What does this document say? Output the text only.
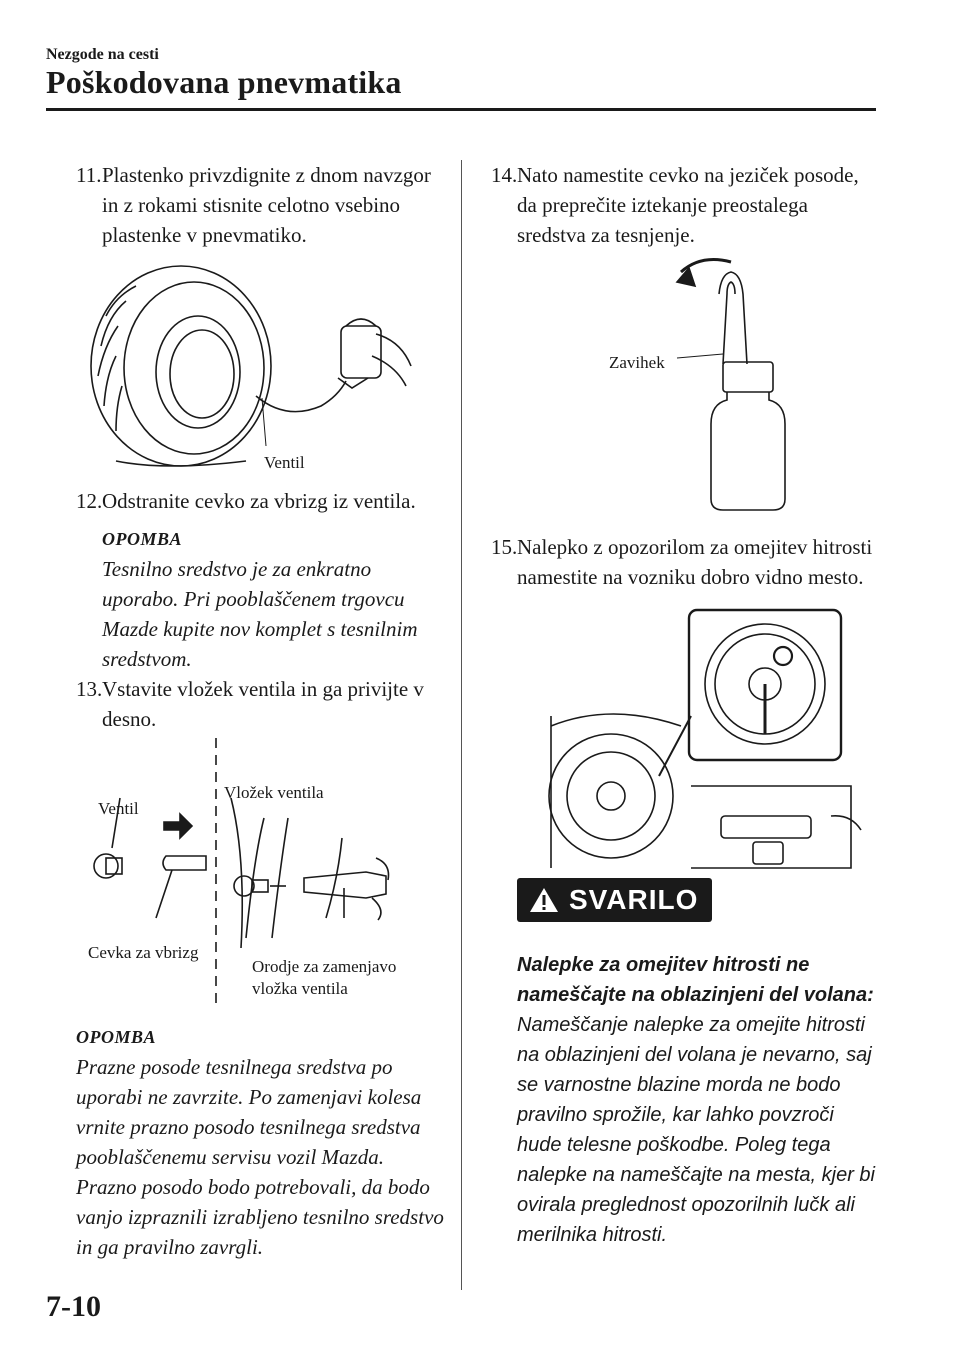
Nezgode na cesti
Poškodovana pnevmatika

11.Plastenko privzdignite z dnom navzgor in z rokami stisnite celotno vsebino plastenke v pnevmatiko.

Ventil

12.Odstranite cevko za vbrizg iz ventila.

OPOMBA

Tesnilno sredstvo je za enkratno uporabo. Pri pooblaščenem trgovcu Mazde kupite nov komplet s tesnilnim sredstvom.

13.Vstavite vložek ventila in ga privijte v desno.

Ventil
Vložek ventila
Cevka za vbrizg
Orodje za zamenjavo
vložka ventila

OPOMBA

Prazne posode tesnilnega sredstva po uporabi ne zavrzite. Po zamenjavi kolesa vrnite prazno posodo tesnilnega sredstva pooblaščenemu servisu vozil Mazda. Prazno posodo bodo potrebovali, da bodo vanjo izpraznili izrabljeno tesnilno sredstvo in ga pravilno zavrgli.

14.Nato namestite cevko na jeziček posode, da preprečite iztekanje preostalega sredstva za tesnjenje.

Zavihek

15.Nalepko z opozorilom za omejitev hitrosti namestite na vozniku dobro vidno mesto.

SVARILO

Nalepke za omejitev hitrosti ne nameščajte na oblazinjeni del volana:

Nameščanje nalepke za omejite hitrosti na oblazinjeni del volana je nevarno, saj se varnostne blazine morda ne bodo pravilno sprožile, kar lahko povzroči hude telesne poškodbe. Poleg tega nalepke na nameščajte na mesta, kjer bi ovirala preglednost opozorilnih lučk ali merilnika hitrosti.

7-10
